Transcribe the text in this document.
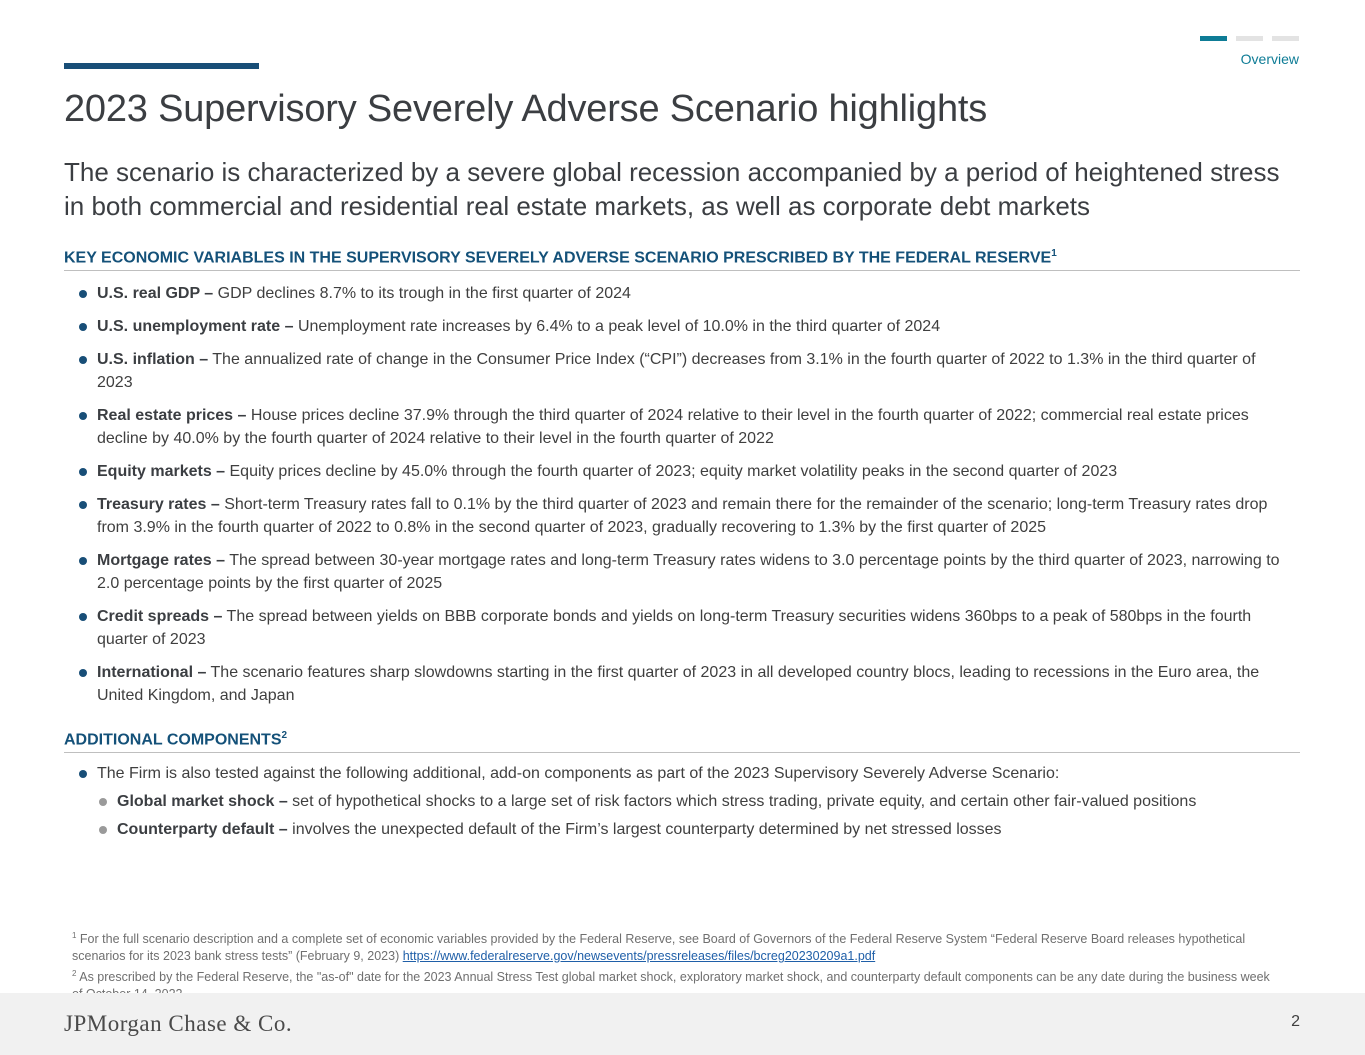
Overview
2023 Supervisory Severely Adverse Scenario highlights

The scenario is characterized by a severe global recession accompanied by a period of heightened stress in both commercial and residential real estate markets, as well as corporate debt markets

KEY ECONOMIC VARIABLES IN THE SUPERVISORY SEVERELY ADVERSE SCENARIO PRESCRIBED BY THE FEDERAL RESERVE$^1$
U.S. real GDP – GDP declines 8.7% to its trough in the first quarter of 2024
U.S. unemployment rate – Unemployment rate increases by 6.4% to a peak level of 10.0% in the third quarter of 2024
U.S. inflation – The annualized rate of change in the Consumer Price Index (“CPI”) decreases from 3.1% in the fourth quarter of 2022 to 1.3% in the third quarter of 2023
Real estate prices – House prices decline 37.9% through the third quarter of 2024 relative to their level in the fourth quarter of 2022; commercial real estate prices decline by 40.0% by the fourth quarter of 2024 relative to their level in the fourth quarter of 2022
Equity markets – Equity prices decline by 45.0% through the fourth quarter of 2023; equity market volatility peaks in the second quarter of 2023
Treasury rates – Short-term Treasury rates fall to 0.1% by the third quarter of 2023 and remain there for the remainder of the scenario; long-term Treasury rates drop from 3.9% in the fourth quarter of 2022 to 0.8% in the second quarter of 2023, gradually recovering to 1.3% by the first quarter of 2025
Mortgage rates – The spread between 30-year mortgage rates and long-term Treasury rates widens to 3.0 percentage points by the third quarter of 2023, narrowing to 2.0 percentage points by the first quarter of 2025
Credit spreads – The spread between yields on BBB corporate bonds and yields on long-term Treasury securities widens 360bps to a peak of 580bps in the fourth quarter of 2023
International – The scenario features sharp slowdowns starting in the first quarter of 2023 in all developed country blocs, leading to recessions in the Euro area, the United Kingdom, and Japan
ADDITIONAL COMPONENTS$^2$
The Firm is also tested against the following additional, add-on components as part of the 2023 Supervisory Severely Adverse Scenario:
Global market shock – set of hypothetical shocks to a large set of risk factors which stress trading, private equity, and certain other fair-valued positions
Counterparty default – involves the unexpected default of the Firm’s largest counterparty determined by net stressed losses
$^1$ For the full scenario description and a complete set of economic variables provided by the Federal Reserve, see Board of Governors of the Federal Reserve System “Federal Reserve Board releases hypothetical scenarios for its 2023 bank stress tests” (February 9, 2023) https://www.federalreserve.gov/newsevents/pressreleases/files/bcreg20230209a1.pdf
$^2$ As prescribed by the Federal Reserve, the "as-of" date for the 2023 Annual Stress Test global market shock, exploratory market shock, and counterparty default components can be any date during the business week
JPMorgan Chase & Co.	2
